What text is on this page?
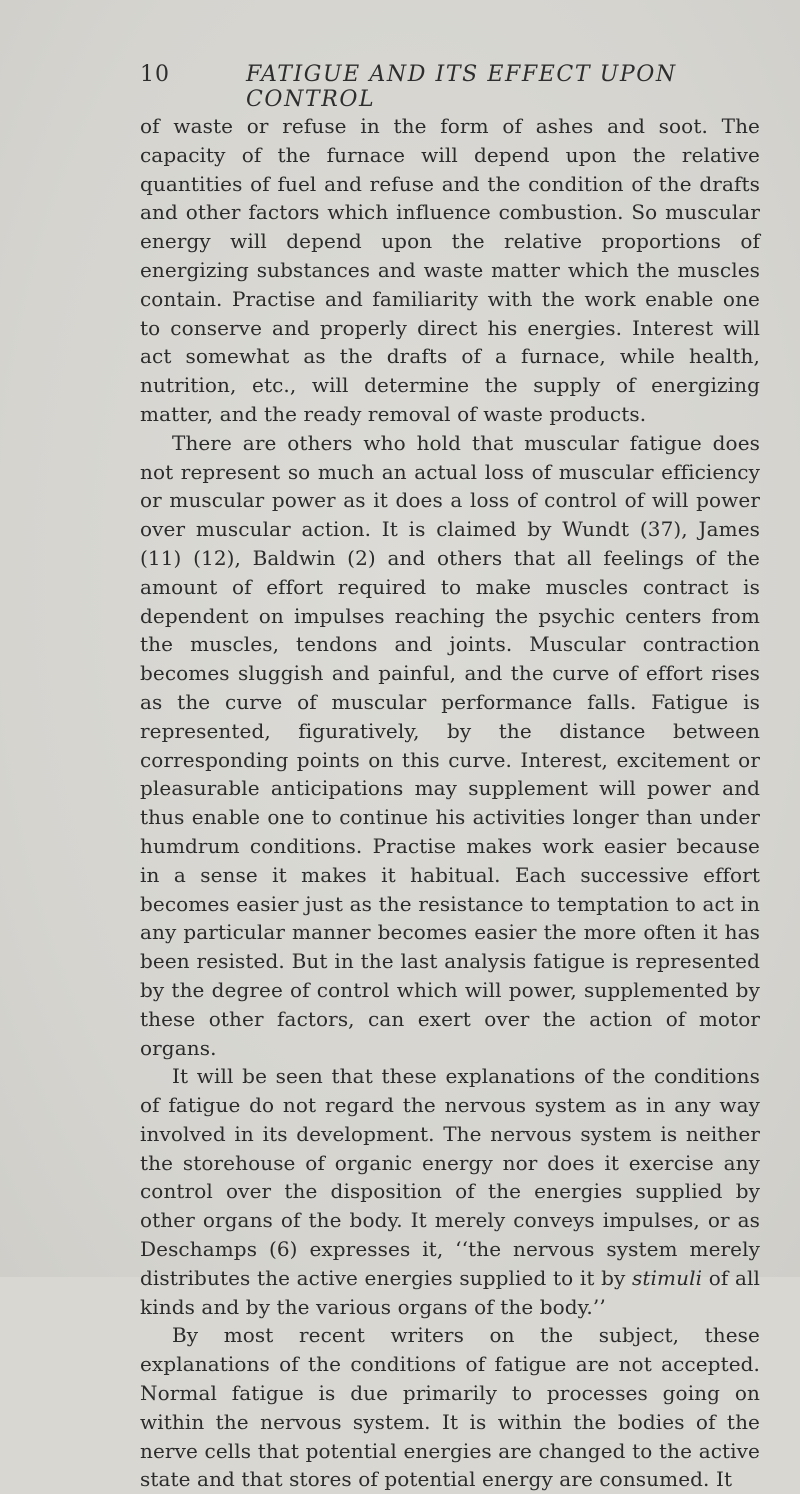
10	FATIGUE AND ITS EFFECT UPON CONTROL

of waste or refuse in the form of ashes and soot. The capacity of the furnace will depend upon the relative quantities of fuel and refuse and the condition of the drafts and other factors which influence combustion. So muscular energy will depend upon the relative proportions of energizing substances and waste matter which the muscles contain. Practise and familiarity with the work enable one to conserve and properly direct his energies. Interest will act somewhat as the drafts of a furnace, while health, nutrition, etc., will determine the supply of energizing matter, and the ready removal of waste products.

There are others who hold that muscular fatigue does not represent so much an actual loss of muscular efficiency or muscular power as it does a loss of control of will power over muscular action. It is claimed by Wundt (37), James (11) (12), Baldwin (2) and others that all feelings of the amount of effort required to make muscles contract is dependent on impulses reaching the psychic centers from the muscles, tendons and joints. Muscular contraction becomes sluggish and painful, and the curve of effort rises as the curve of muscular performance falls. Fatigue is represented, figuratively, by the distance between corresponding points on this curve. Interest, excitement or pleasurable anticipations may supplement will power and thus enable one to continue his activities longer than under humdrum conditions. Practise makes work easier because in a sense it makes it habitual. Each successive effort becomes easier just as the resistance to temptation to act in any particular manner becomes easier the more often it has been resisted. But in the last analysis fatigue is represented by the degree of control which will power, supplemented by these other factors, can exert over the action of motor organs.

It will be seen that these explanations of the conditions of fatigue do not regard the nervous system as in any way involved in its development. The nervous system is neither the storehouse of organic energy nor does it exercise any control over the disposition of the energies supplied by other organs of the body. It merely conveys impulses, or as Deschamps (6) expresses it, ‘‘the nervous system merely distributes the active energies supplied to it by stimuli of all kinds and by the various organs of the body.’’

By most recent writers on the subject, these explanations of the conditions of fatigue are not accepted. Normal fatigue is due primarily to processes going on within the nervous system. It is within the bodies of the nerve cells that potential energies are changed to the active state and that stores of potential energy are consumed. It
